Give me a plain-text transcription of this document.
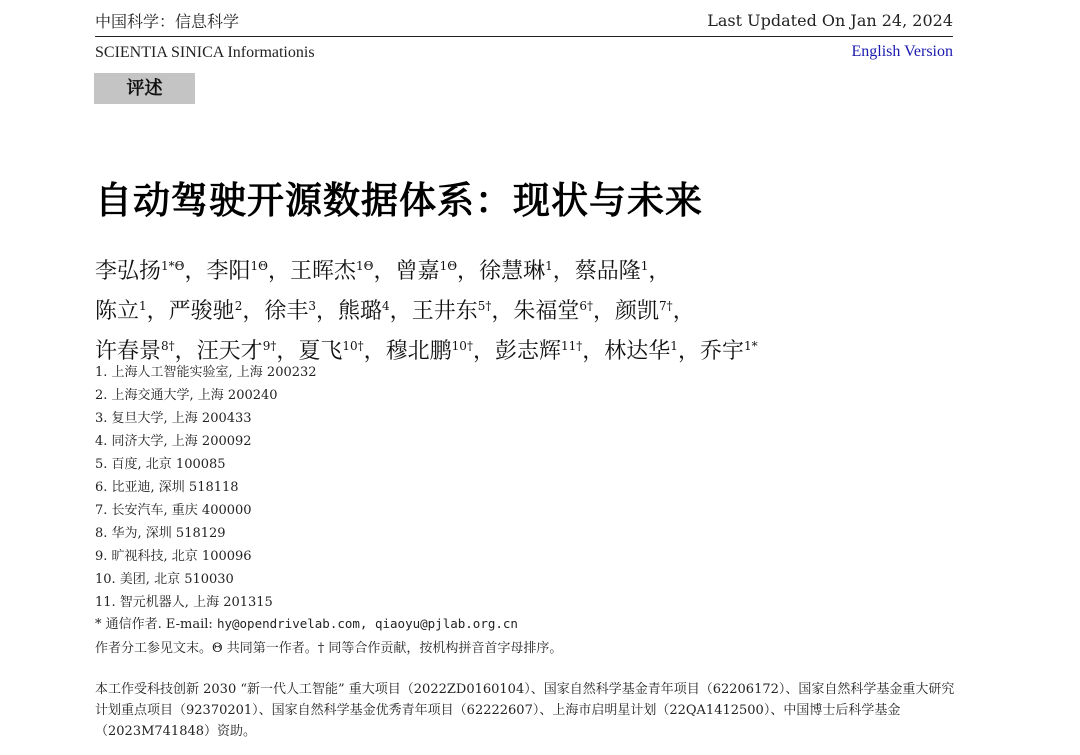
中国科学：信息科学	Last Updated On Jan 24, 2024
SCIENTIA SINICA Informationis	English Version
评述
自动驾驶开源数据体系：现状与未来
李弘扬$^{1*\Theta}$，李阳$^{1\Theta}$，王晖杰$^{1\Theta}$，曾嘉$^{1\Theta}$，徐慧琳$^1$，蔡品隆$^1$，
陈立$^1$，严骏驰$^2$，徐丰$^3$，熊璐$^4$，王井东$^{5\dagger}$，朱福堂$^{6\dagger}$，颜凯$^{7\dagger}$，
许春景$^{8\dagger}$，汪天才$^{9\dagger}$，夏飞$^{10\dagger}$，穆北鹏$^{10\dagger}$，彭志辉$^{11\dagger}$，林达华$^1$，乔宇$^{1*}$
1. 上海人工智能实验室, 上海 200232
2. 上海交通大学, 上海 200240
3. 复旦大学, 上海 200433
4. 同济大学, 上海 200092
5. 百度, 北京 100085
6. 比亚迪, 深圳 518118
7. 长安汽车, 重庆 400000
8. 华为, 深圳 518129
9. 旷视科技, 北京 100096
10. 美团, 北京 510030
11. 智元机器人, 上海 201315
* 通信作者. E-mail: hy@opendrivelab.com, qiaoyu@pjlab.org.cn
作者分工参见文末。Θ 共同第一作者。† 同等合作贡献，按机构拼音首字母排序。
本工作受科技创新 2030 “新一代人工智能” 重大项目（2022ZD0160104）、国家自然科学基金青年项目（62206172）、国家自然科学基金重大研究计划重点项目（92370201）、国家自然科学基金优秀青年项目（62222607）、上海市启明星计划（22QA1412500）、中国博士后科学基金（2023M741848）资助。
